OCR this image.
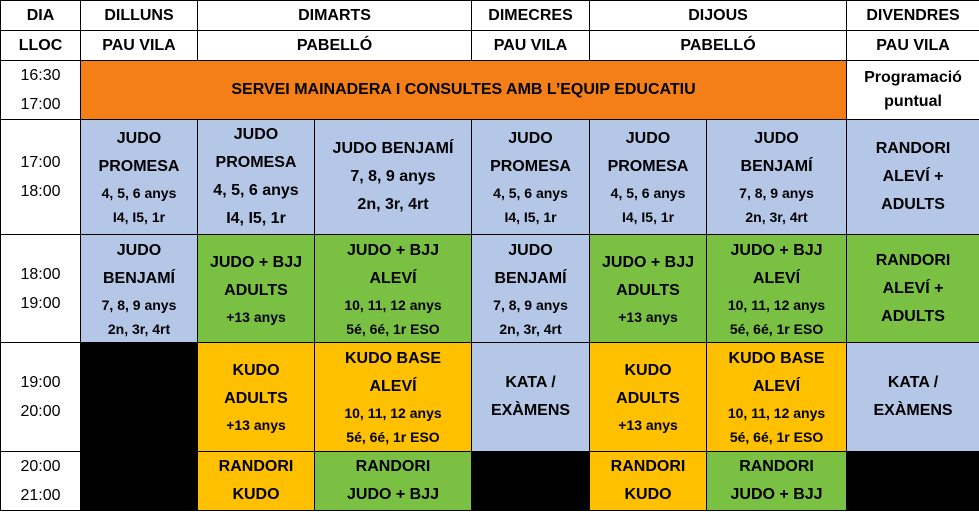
DIA	DILLUNS	DIMARTS		DIMECRES	DIJOUS		DIVENDRES
LLOC	PAU VILA	PABELLÓ		PAU VILA	PABELLÓ		PAU VILA

16:30
17:00	SERVEI MAINADERA I CONSULTES AMB L’EQUIP EDUCATIU						Programació
puntual

17:00
18:00	JUDO
PROMESA
4, 5, 6 anys
I4, I5, 1r	JUDO
PROMESA
4, 5, 6 anys
I4, I5, 1r	JUDO BENJAMÍ
7, 8, 9 anys
2n, 3r, 4rt	JUDO
PROMESA
4, 5, 6 anys
I4, I5, 1r	JUDO
PROMESA
4, 5, 6 anys
I4, I5, 1r	JUDO
BENJAMÍ
7, 8, 9 anys
2n, 3r, 4rt	RANDORI
ALEVÍ +
ADULTS

18:00
19:00	JUDO
BENJAMÍ
7, 8, 9 anys
2n, 3r, 4rt	JUDO + BJJ
ADULTS
+13 anys	JUDO + BJJ
ALEVÍ
10, 11, 12 anys
5é, 6é, 1r ESO	JUDO
BENJAMÍ
7, 8, 9 anys
2n, 3r, 4rt	JUDO + BJJ
ADULTS
+13 anys	JUDO + BJJ
ALEVÍ
10, 11, 12 anys
5é, 6é, 1r ESO	RANDORI
ALEVÍ +
ADULTS

19:00
20:00		KUDO
ADULTS
+13 anys	KUDO BASE
ALEVÍ
10, 11, 12 anys
5é, 6é, 1r ESO	KATA /
EXÀMENS	KUDO
ADULTS
+13 anys	KUDO BASE
ALEVÍ
10, 11, 12 anys
5é, 6é, 1r ESO	KATA /
EXÀMENS

20:00
21:00		RANDORI
KUDO	RANDORI
JUDO + BJJ		RANDORI
KUDO	RANDORI
JUDO + BJJ	
